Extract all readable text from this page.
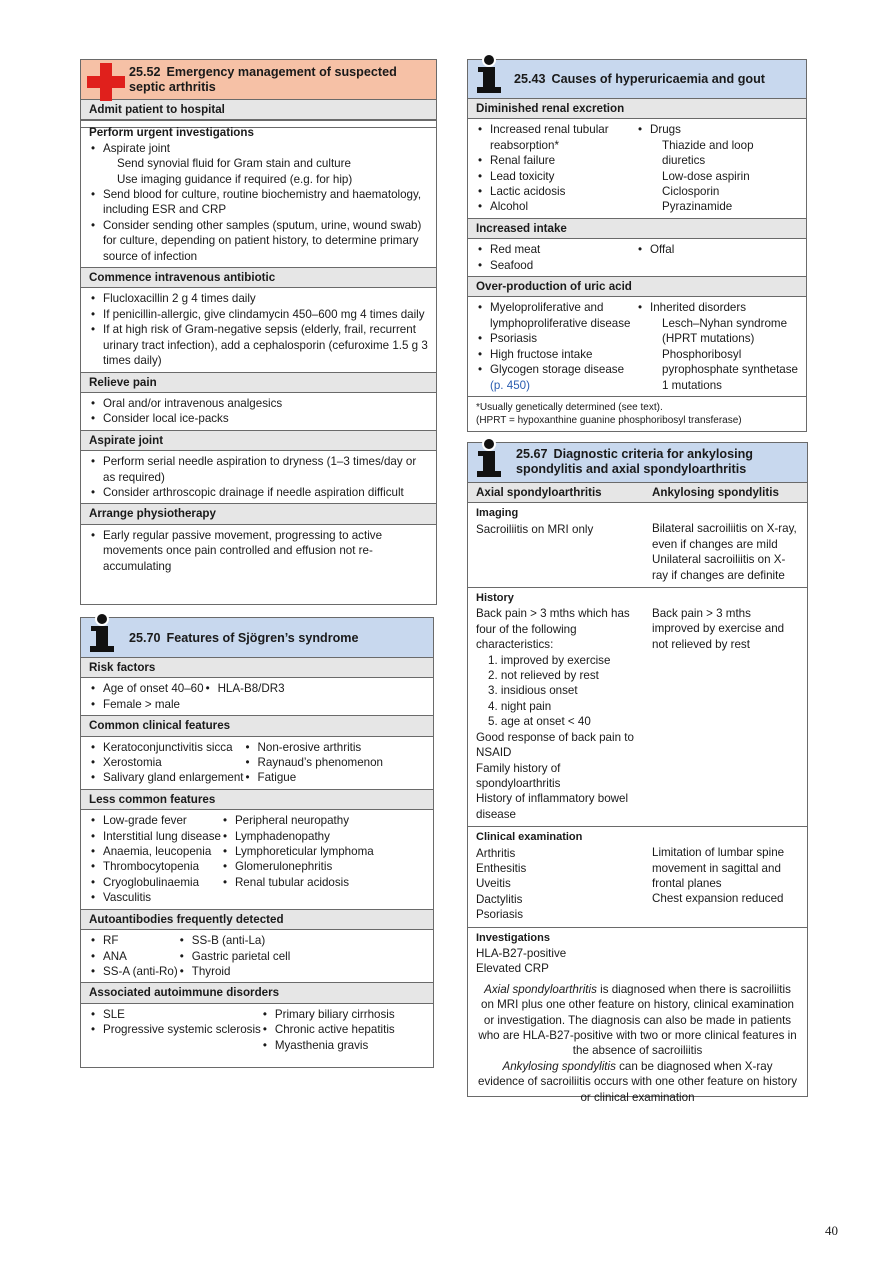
25.52 Emergency management of suspected septic arthritis
Admit patient to hospital
Perform urgent investigations
• Aspirate joint
Send synovial fluid for Gram stain and culture
Use imaging guidance if required (e.g. for hip)
• Send blood for culture, routine biochemistry and haematology, including ESR and CRP
• Consider sending other samples (sputum, urine, wound swab) for culture, depending on patient history, to determine primary source of infection
Commence intravenous antibiotic
• Flucloxacillin 2 g 4 times daily
• If penicillin-allergic, give clindamycin 450–600 mg 4 times daily
• If at high risk of Gram-negative sepsis (elderly, frail, recurrent urinary tract infection), add a cephalosporin (cefuroxime 1.5 g 3 times daily)
Relieve pain
• Oral and/or intravenous analgesics
• Consider local ice-packs
Aspirate joint
• Perform serial needle aspiration to dryness (1–3 times/day or as required)
• Consider arthroscopic drainage if needle aspiration difficult
Arrange physiotherapy
• Early regular passive movement, progressing to active movements once pain controlled and effusion not re-accumulating
25.70 Features of Sjögren’s syndrome
Risk factors
• Age of onset 40–60
• Female > male
• HLA-B8/DR3
Common clinical features
• Keratoconjunctivitis sicca
• Xerostomia
• Salivary gland enlargement
• Non-erosive arthritis
• Raynaud’s phenomenon
• Fatigue
Less common features
• Low-grade fever
• Interstitial lung disease
• Anaemia, leucopenia
• Thrombocytopenia
• Cryoglobulinaemia
• Vasculitis
• Peripheral neuropathy
• Lymphadenopathy
• Lymphoreticular lymphoma
• Glomerulonephritis
• Renal tubular acidosis
Autoantibodies frequently detected
• RF
• ANA
• SS-A (anti-Ro)
• SS-B (anti-La)
• Gastric parietal cell
• Thyroid
Associated autoimmune disorders
• SLE
• Progressive systemic sclerosis
• Primary biliary cirrhosis
• Chronic active hepatitis
• Myasthenia gravis
25.43 Causes of hyperuricaemia and gout
Diminished renal excretion
• Increased renal tubular reabsorption*
• Renal failure
• Lead toxicity
• Lactic acidosis
• Alcohol
• Drugs
Thiazide and loop diuretics
Low-dose aspirin
Ciclosporin
Pyrazinamide
Increased intake
• Red meat
• Seafood
• Offal
Over-production of uric acid
• Myeloproliferative and lymphoproliferative disease
• Psoriasis
• High fructose intake
• Glycogen storage disease (p. 450)
• Inherited disorders
Lesch–Nyhan syndrome (HPRT mutations)
Phosphoribosyl pyrophosphate synthetase 1 mutations
*Usually genetically determined (see text).
(HPRT = hypoxanthine guanine phosphoribosyl transferase)
25.67 Diagnostic criteria for ankylosing spondylitis and axial spondyloarthritis
Axial spondyloarthritis	Ankylosing spondylitis
Imaging
Sacroiliitis on MRI only	Bilateral sacroiliitis on X-ray, even if changes are mild Unilateral sacroiliitis on X-ray if changes are definite
History
Back pain > 3 mths which has four of the following characteristics:
1. improved by exercise
2. not relieved by rest
3. insidious onset
4. night pain
5. age at onset < 40
Good response of back pain to NSAID
Family history of spondyloarthritis
History of inflammatory bowel disease
Back pain > 3 mths improved by exercise and not relieved by rest
Clinical examination
Arthritis
Enthesitis
Uveitis
Dactylitis
Psoriasis
Limitation of lumbar spine movement in sagittal and frontal planes
Chest expansion reduced
Investigations
HLA-B27-positive
Elevated CRP
Axial spondyloarthritis is diagnosed when there is sacroiliitis on MRI plus one other feature on history, clinical examination or investigation. The diagnosis can also be made in patients who are HLA-B27-positive with two or more clinical features in the absence of sacroiliitis
Ankylosing spondylitis can be diagnosed when X-ray evidence of sacroiliitis occurs with one other feature on history or clinical examination
40
